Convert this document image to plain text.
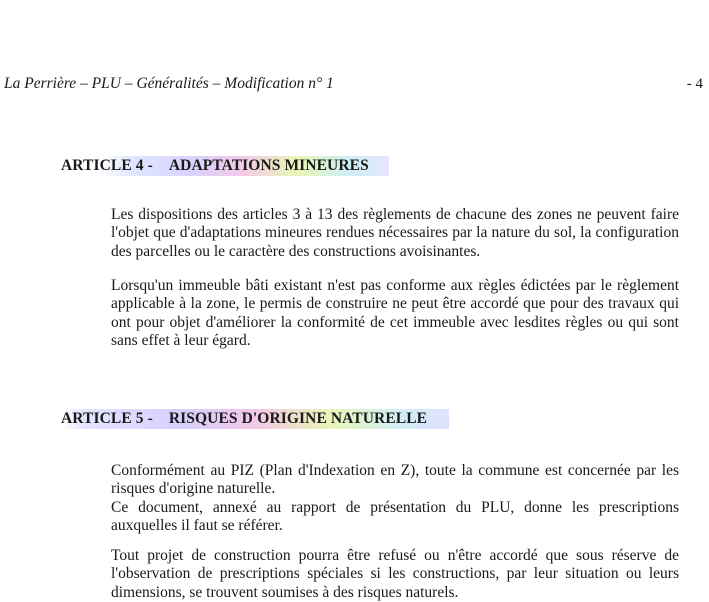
La Perrière – PLU – Généralités – Modification n° 1	- 4
ARTICLE 4 - ADAPTATIONS MINEURES

Les dispositions des articles 3 à 13 des règlements de chacune des zones ne peuvent faire l'objet que d'adaptations mineures rendues nécessaires par la nature du sol, la configuration des parcelles ou le caractère des constructions avoisinantes.

Lorsqu'un immeuble bâti existant n'est pas conforme aux règles édictées par le règlement applicable à la zone, le permis de construire ne peut être accordé que pour des travaux qui ont pour objet d'améliorer la conformité de cet immeuble avec lesdites règles ou qui sont sans effet à leur égard.

ARTICLE 5 - RISQUES D'ORIGINE NATURELLE

Conformément au PIZ (Plan d'Indexation en Z), toute la commune est concernée par les risques d'origine naturelle.
Ce document, annexé au rapport de présentation du PLU, donne les prescriptions auxquelles il faut se référer.

Tout projet de construction pourra être refusé ou n'être accordé que sous réserve de l'observation de prescriptions spéciales si les constructions, par leur situation ou leurs dimensions, se trouvent soumises à des risques naturels.
